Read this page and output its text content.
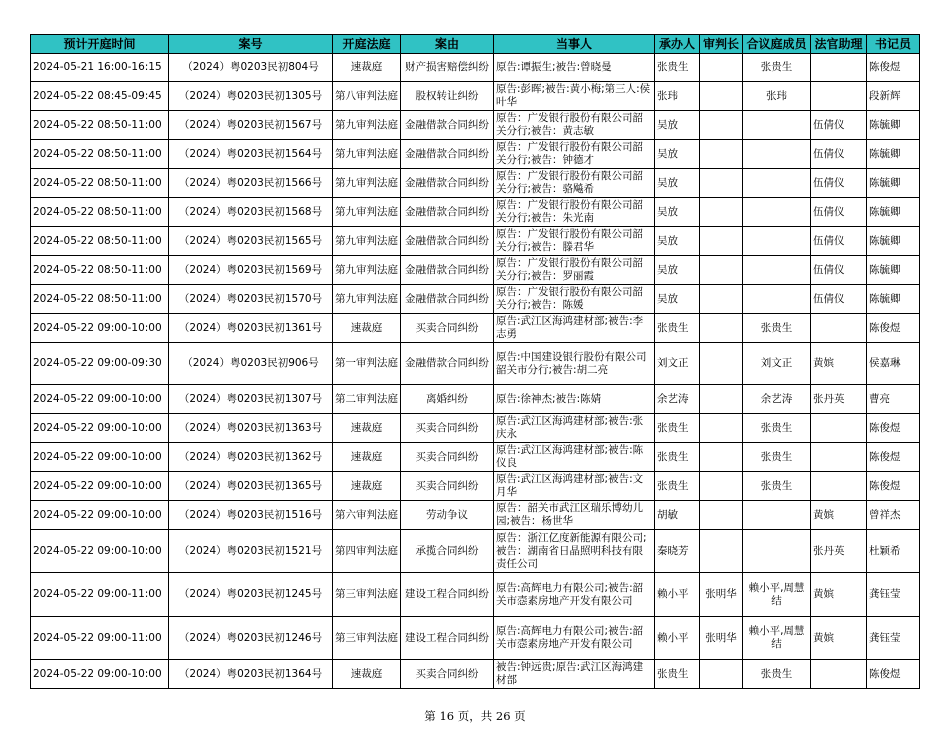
预计开庭时间	案号	开庭法庭	案由	当事人	承办人	审判长	合议庭成员	法官助理	书记员
2024-05-21 16:00-16:15	（2024）粤0203民初804号	速裁庭	财产损害赔偿纠纷	原告:谭振生;被告:曾晓曼	张贵生		张贵生		陈俊煜
2024-05-22 08:45-09:45	（2024）粤0203民初1305号	第八审判法庭	股权转让纠纷	原告:彭晖;被告:黄小梅;第三人:侯叶华	张玮		张玮		段新辉
2024-05-22 08:50-11:00	（2024）粤0203民初1567号	第九审判法庭	金融借款合同纠纷	原告：广发银行股份有限公司韶关分行;被告：黄志敏	吴放			伍倩仪	陈毓卿
2024-05-22 08:50-11:00	（2024）粤0203民初1564号	第九审判法庭	金融借款合同纠纷	原告：广发银行股份有限公司韶关分行;被告：钟德才	吴放			伍倩仪	陈毓卿
2024-05-22 08:50-11:00	（2024）粤0203民初1566号	第九审判法庭	金融借款合同纠纷	原告：广发银行股份有限公司韶关分行;被告：骆飚希	吴放			伍倩仪	陈毓卿
2024-05-22 08:50-11:00	（2024）粤0203民初1568号	第九审判法庭	金融借款合同纠纷	原告：广发银行股份有限公司韶关分行;被告：朱光南	吴放			伍倩仪	陈毓卿
2024-05-22 08:50-11:00	（2024）粤0203民初1565号	第九审判法庭	金融借款合同纠纷	原告：广发银行股份有限公司韶关分行;被告：滕君华	吴放			伍倩仪	陈毓卿
2024-05-22 08:50-11:00	（2024）粤0203民初1569号	第九审判法庭	金融借款合同纠纷	原告：广发银行股份有限公司韶关分行;被告：罗丽霞	吴放			伍倩仪	陈毓卿
2024-05-22 08:50-11:00	（2024）粤0203民初1570号	第九审判法庭	金融借款合同纠纷	原告：广发银行股份有限公司韶关分行;被告：陈媛	吴放			伍倩仪	陈毓卿
2024-05-22 09:00-10:00	（2024）粤0203民初1361号	速裁庭	买卖合同纠纷	原告:武江区海鸿建材部;被告:李志勇	张贵生		张贵生		陈俊煜
2024-05-22 09:00-09:30	（2024）粤0203民初906号	第一审判法庭	金融借款合同纠纷	原告:中国建设银行股份有限公司韶关市分行;被告:胡二亮	刘文正		刘文正	黄嫔	侯嘉琳
2024-05-22 09:00-10:00	（2024）粤0203民初1307号	第二审判法庭	离婚纠纷	原告:徐神杰;被告:陈婧	余艺涛		余艺涛	张丹英	曹亮
2024-05-22 09:00-10:00	（2024）粤0203民初1363号	速裁庭	买卖合同纠纷	原告:武江区海鸿建材部;被告:张庆永	张贵生		张贵生		陈俊煜
2024-05-22 09:00-10:00	（2024）粤0203民初1362号	速裁庭	买卖合同纠纷	原告:武江区海鸿建材部;被告:陈仪良	张贵生		张贵生		陈俊煜
2024-05-22 09:00-10:00	（2024）粤0203民初1365号	速裁庭	买卖合同纠纷	原告:武江区海鸿建材部;被告:文月华	张贵生		张贵生		陈俊煜
2024-05-22 09:00-10:00	（2024）粤0203民初1516号	第六审判法庭	劳动争议	原告：韶关市武江区瑞乐博幼儿园;被告：杨世华	胡敏			黄嫔	曾祥杰
2024-05-22 09:00-10:00	（2024）粤0203民初1521号	第四审判法庭	承揽合同纠纷	原告：浙江亿度新能源有限公司;被告：湖南省日晶照明科技有限责任公司	秦晓芳			张丹英	杜颖希
2024-05-22 09:00-11:00	（2024）粤0203民初1245号	第三审判法庭	建设工程合同纠纷	原告:高辉电力有限公司;被告:韶关市悫素房地产开发有限公司	赖小平	张明华	赖小平,周慧结	黄嫔	龚钰莹
2024-05-22 09:00-11:00	（2024）粤0203民初1246号	第三审判法庭	建设工程合同纠纷	原告:高辉电力有限公司;被告:韶关市悫素房地产开发有限公司	赖小平	张明华	赖小平,周慧结	黄嫔	龚钰莹
2024-05-22 09:00-10:00	（2024）粤0203民初1364号	速裁庭	买卖合同纠纷	被告:钟远贵;原告:武江区海鸿建材部	张贵生		张贵生		陈俊煜
第 16 页，共 26 页
